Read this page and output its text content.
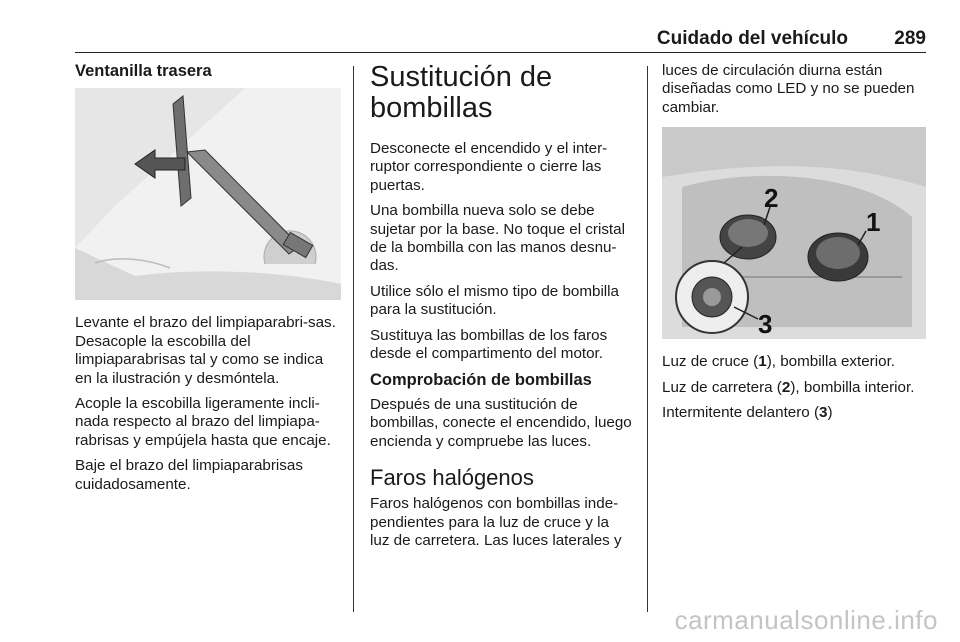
Cuidado del vehículo 289
Ventanilla trasera

Levante el brazo del limpiaparabri-sas. Desacople la escobilla del limpiaparabrisas tal y como se indica en la ilustración y desmóntela.

Acople la escobilla ligeramente incli-nada respecto al brazo del limpiapa-rabrisas y empújela hasta que encaje.

Baje el brazo del limpiaparabrisas cuidadosamente.

Sustitución de bombillas

Desconecte el encendido y el inter-ruptor correspondiente o cierre las puertas.

Una bombilla nueva solo se debe sujetar por la base. No toque el cristal de la bombilla con las manos desnu-das.

Utilice sólo el mismo tipo de bombilla para la sustitución.

Sustituya las bombillas de los faros desde el compartimento del motor.

Comprobación de bombillas

Después de una sustitución de bombillas, conecte el encendido, luego encienda y compruebe las luces.

Faros halógenos

Faros halógenos con bombillas inde-pendientes para la luz de cruce y la luz de carretera. Las luces laterales y

luces de circulación diurna están diseñadas como LED y no se pueden cambiar.

1
2
3

Luz de cruce (1), bombilla exterior.

Luz de carretera (2), bombilla interior.

Intermitente delantero (3)

carmanualsonline.info
